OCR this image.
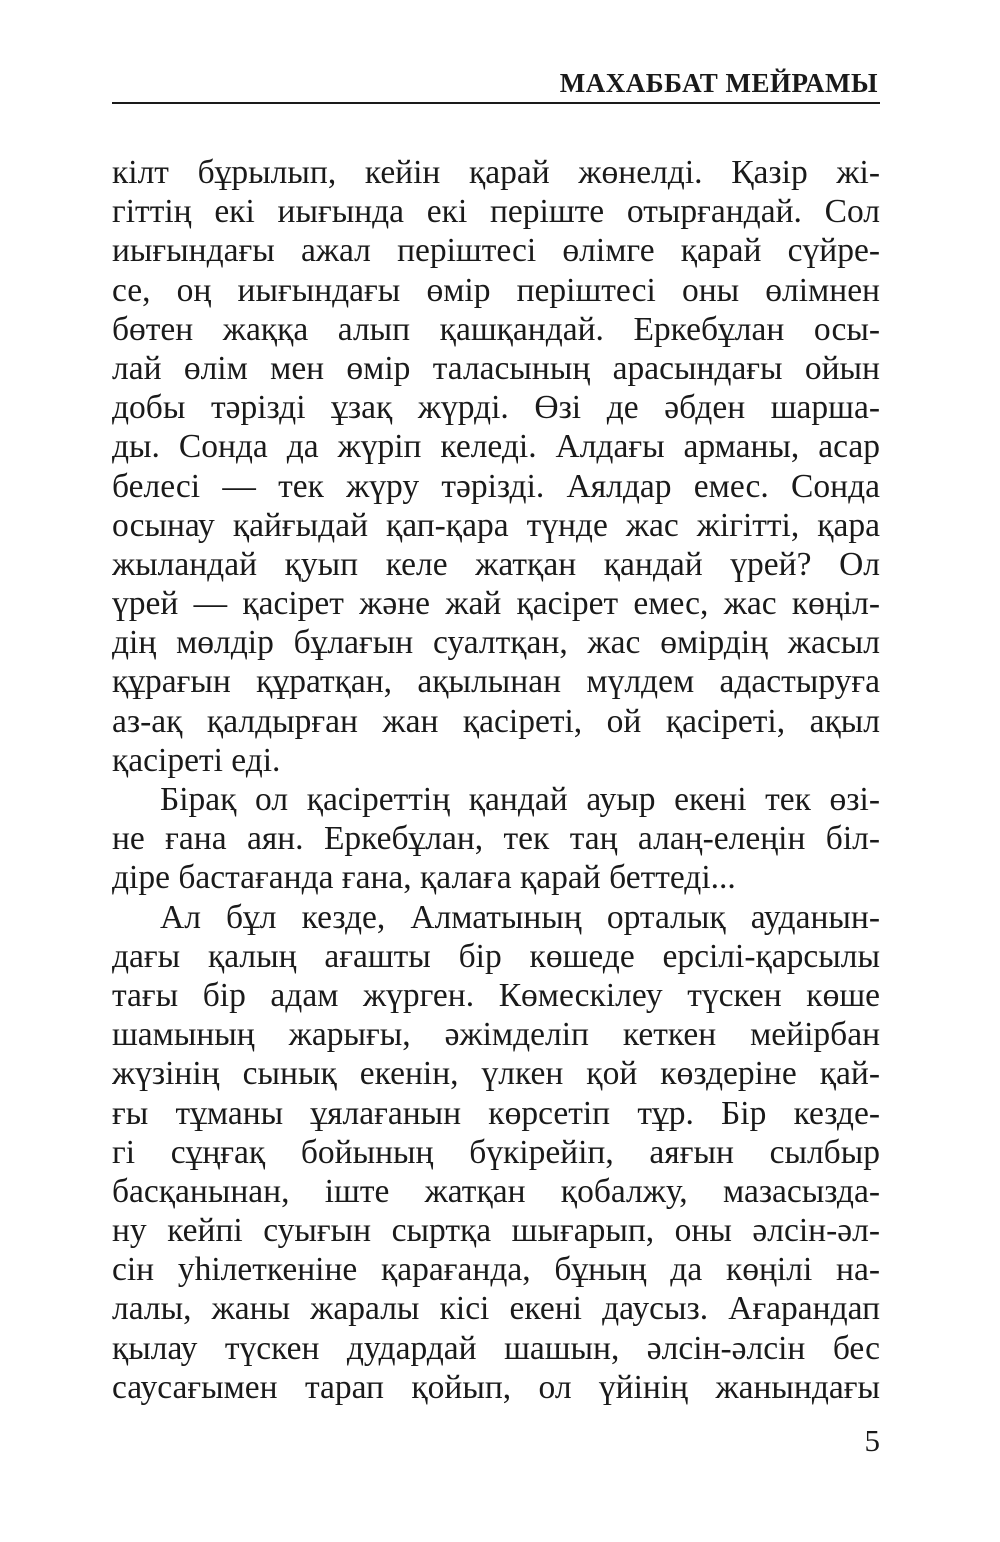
МАХАББАТ МЕЙРАМЫ
кілт бұрылып, кейін қарай жөнелді. Қазір жі-
гіттің екі иығында екі періште отырғандай. Сол
иығындағы ажал періштесі өлімге қарай сүйре-
се, оң иығындағы өмір періштесі оны өлімнен
бөтен жаққа алып қашқандай. Еркебұлан осы-
лай өлім мен өмір таласының арасындағы ойын
добы тәрізді ұзақ жүрді. Өзі де әбден шарша-
ды. Сонда да жүріп келеді. Алдағы арманы, асар
белесі — тек жүру тәрізді. Аялдар емес. Сонда
осынау қайғыдай қап-қара түнде жас жігітті, қара
жыландай қуып келе жатқан қандай үрей? Ол
үрей — қасірет және жай қасірет емес, жас көңіл-
дің мөлдір бұлағын суалтқан, жас өмірдің жасыл
құрағын құратқан, ақылынан мүлдем адастыруға
аз-ақ қалдырған жан қасіреті, ой қасіреті, ақыл
қасіреті еді.
Бірақ ол қасіреттің қандай ауыр екені тек өзі-
не ғана аян. Еркебұлан, тек таң алаң-елеңін біл-
діре бастағанда ғана, қалаға қарай беттеді...
Ал бұл кезде, Алматының орталық ауданын-
дағы қалың ағашты бір көшеде ерсілі-қарсылы
тағы бір адам жүрген. Көмескілеу түскен көше
шамының жарығы, әжімделіп кеткен мейірбан
жүзінің сынық екенін, үлкен қой көздеріне қай-
ғы тұманы ұялағанын көрсетіп тұр. Бір кезде-
гі сұңғақ бойының бүкірейіп, аяғын сылбыр
басқанынан, іште жатқан қобалжу, мазасызда-
ну кейпі суығын сыртқа шығарып, оны әлсін-әл-
сін уһілеткеніне қарағанда, бұның да көңілі на-
лалы, жаны жаралы кісі екені даусыз. Ағарандап
қылау түскен дудардай шашын, әлсін-әлсін бес
саусағымен тарап қойып, ол үйінің жанындағы
5
